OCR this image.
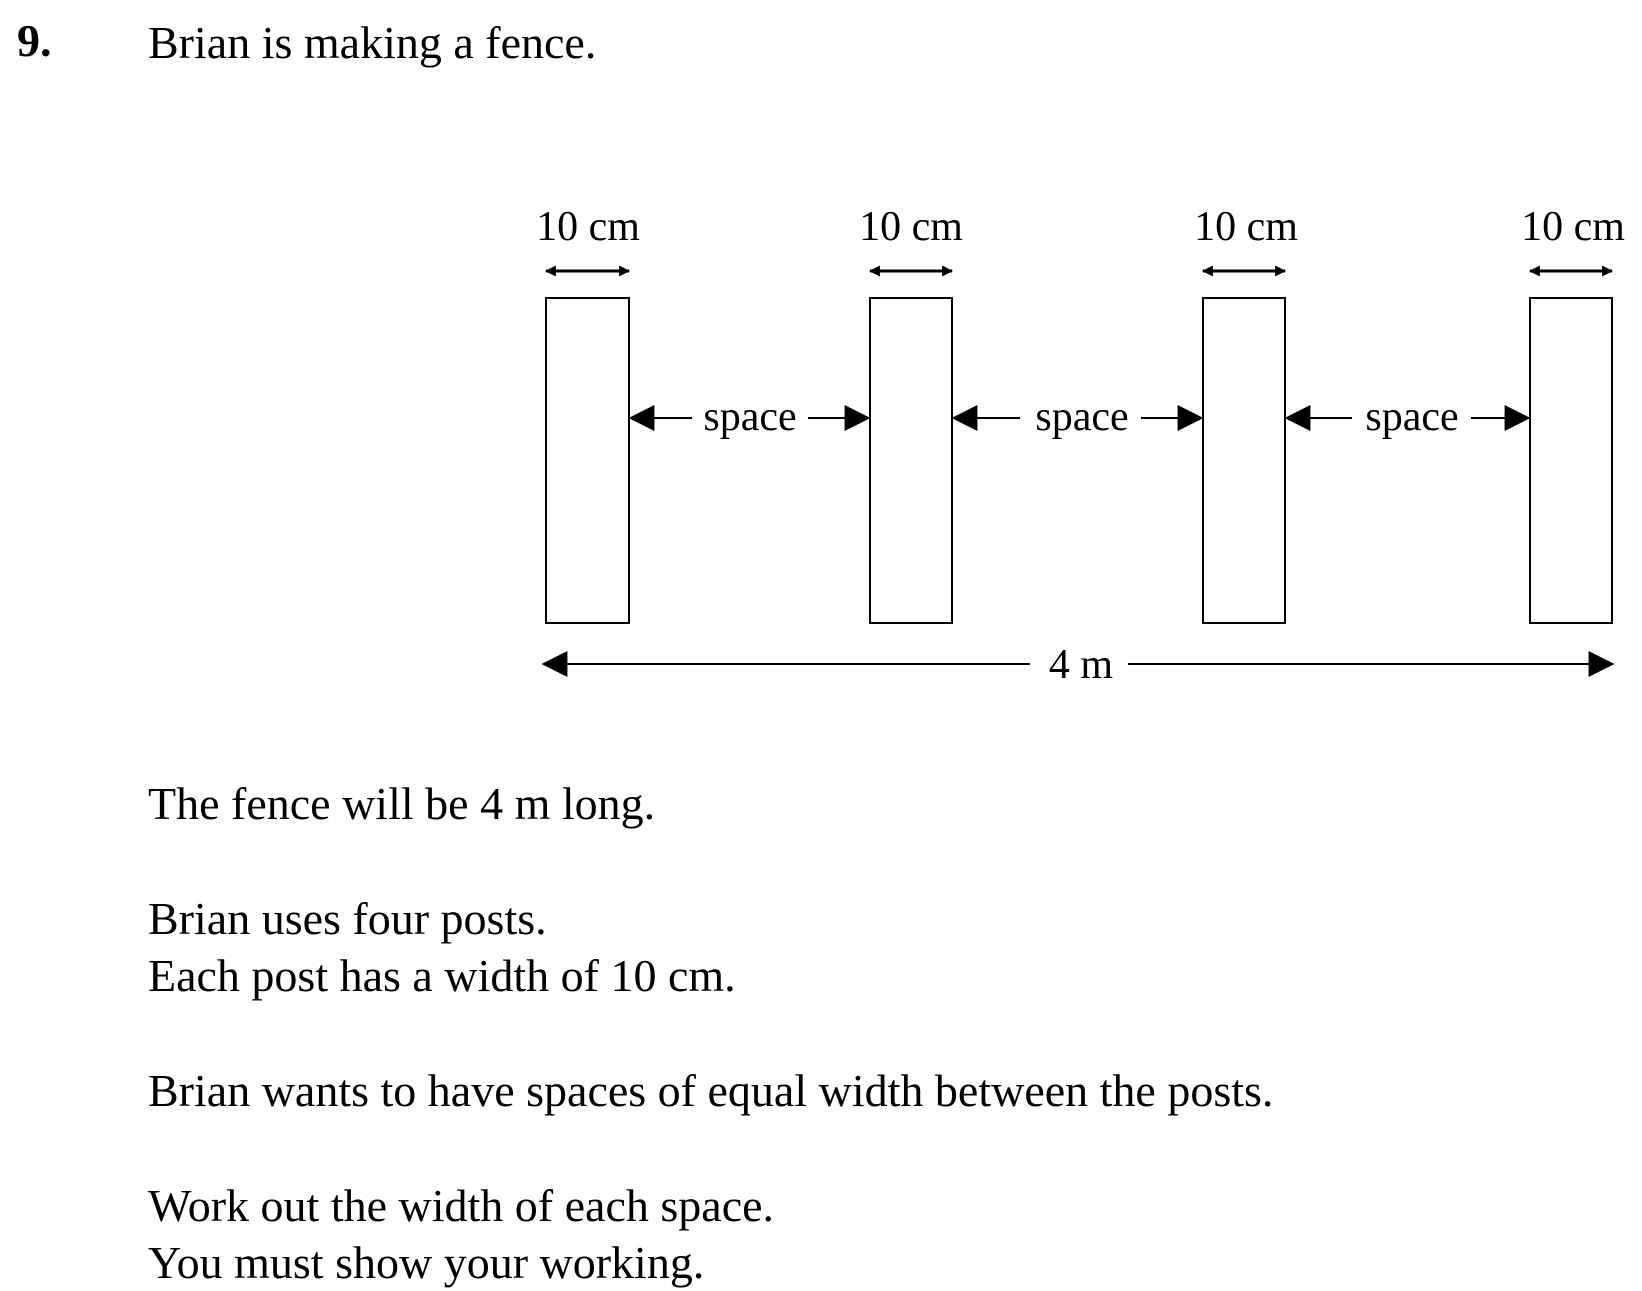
9. Brian is making a fence.
10 cm	10 cm	10 cm	10 cm
space	space	space
4 m
The fence will be 4 m long.
Brian uses four posts.
Each post has a width of 10 cm.
Brian wants to have spaces of equal width between the posts.
Work out the width of each space.
You must show your working.
